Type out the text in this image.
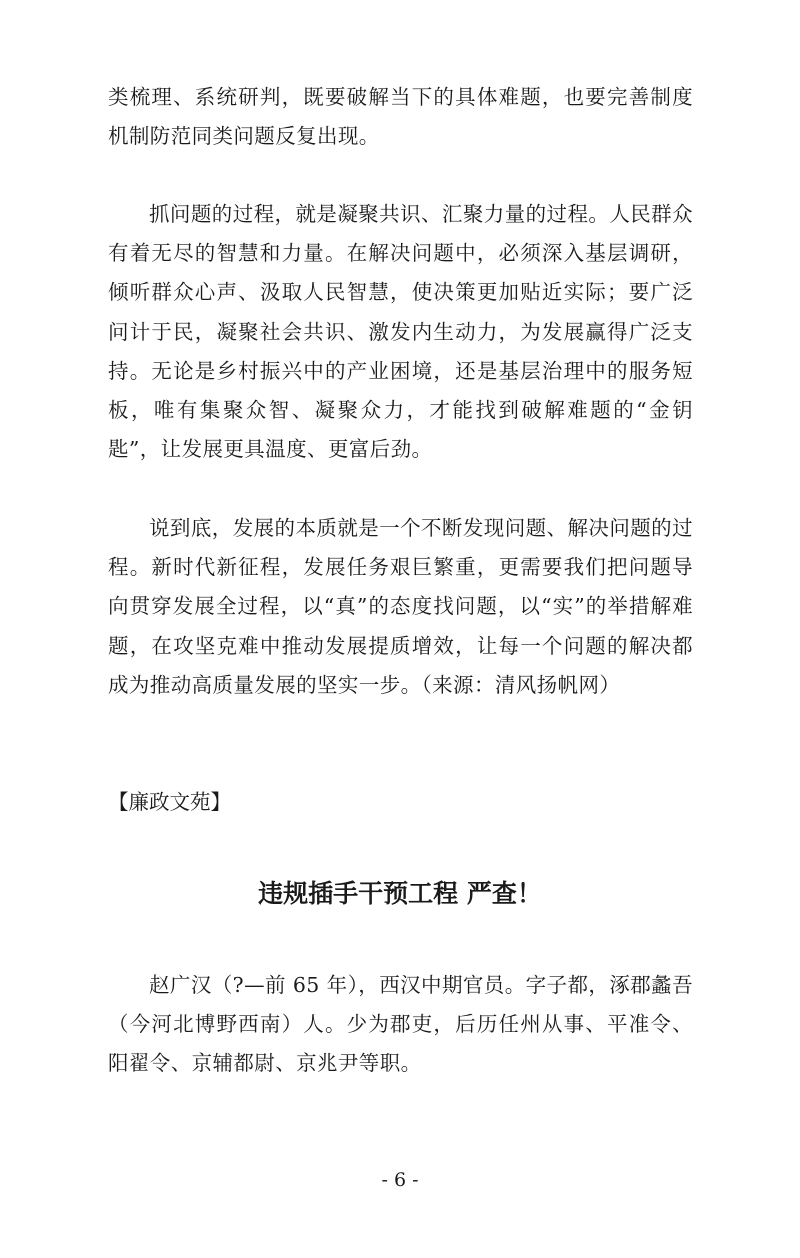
类梳理、系统研判，既要破解当下的具体难题，也要完善制度机制防范同类问题反复出现。

抓问题的过程，就是凝聚共识、汇聚力量的过程。人民群众有着无尽的智慧和力量。在解决问题中，必须深入基层调研，倾听群众心声、汲取人民智慧，使决策更加贴近实际；要广泛问计于民，凝聚社会共识、激发内生动力，为发展赢得广泛支持。无论是乡村振兴中的产业困境，还是基层治理中的服务短板，唯有集聚众智、凝聚众力，才能找到破解难题的“金钥匙”，让发展更具温度、更富后劲。

说到底，发展的本质就是一个不断发现问题、解决问题的过程。新时代新征程，发展任务艰巨繁重，更需要我们把问题导向贯穿发展全过程，以“真”的态度找问题，以“实”的举措解难题，在攻坚克难中推动发展提质增效，让每一个问题的解决都成为推动高质量发展的坚实一步。（来源：清风扬帆网）

【廉政文苑】

违规插手干预工程 严查！

赵广汉（?—前 65 年），西汉中期官员。字子都，涿郡蠡吾（今河北博野西南）人。少为郡吏，后历任州从事、平准令、阳翟令、京辅都尉、京兆尹等职。

- 6 -
